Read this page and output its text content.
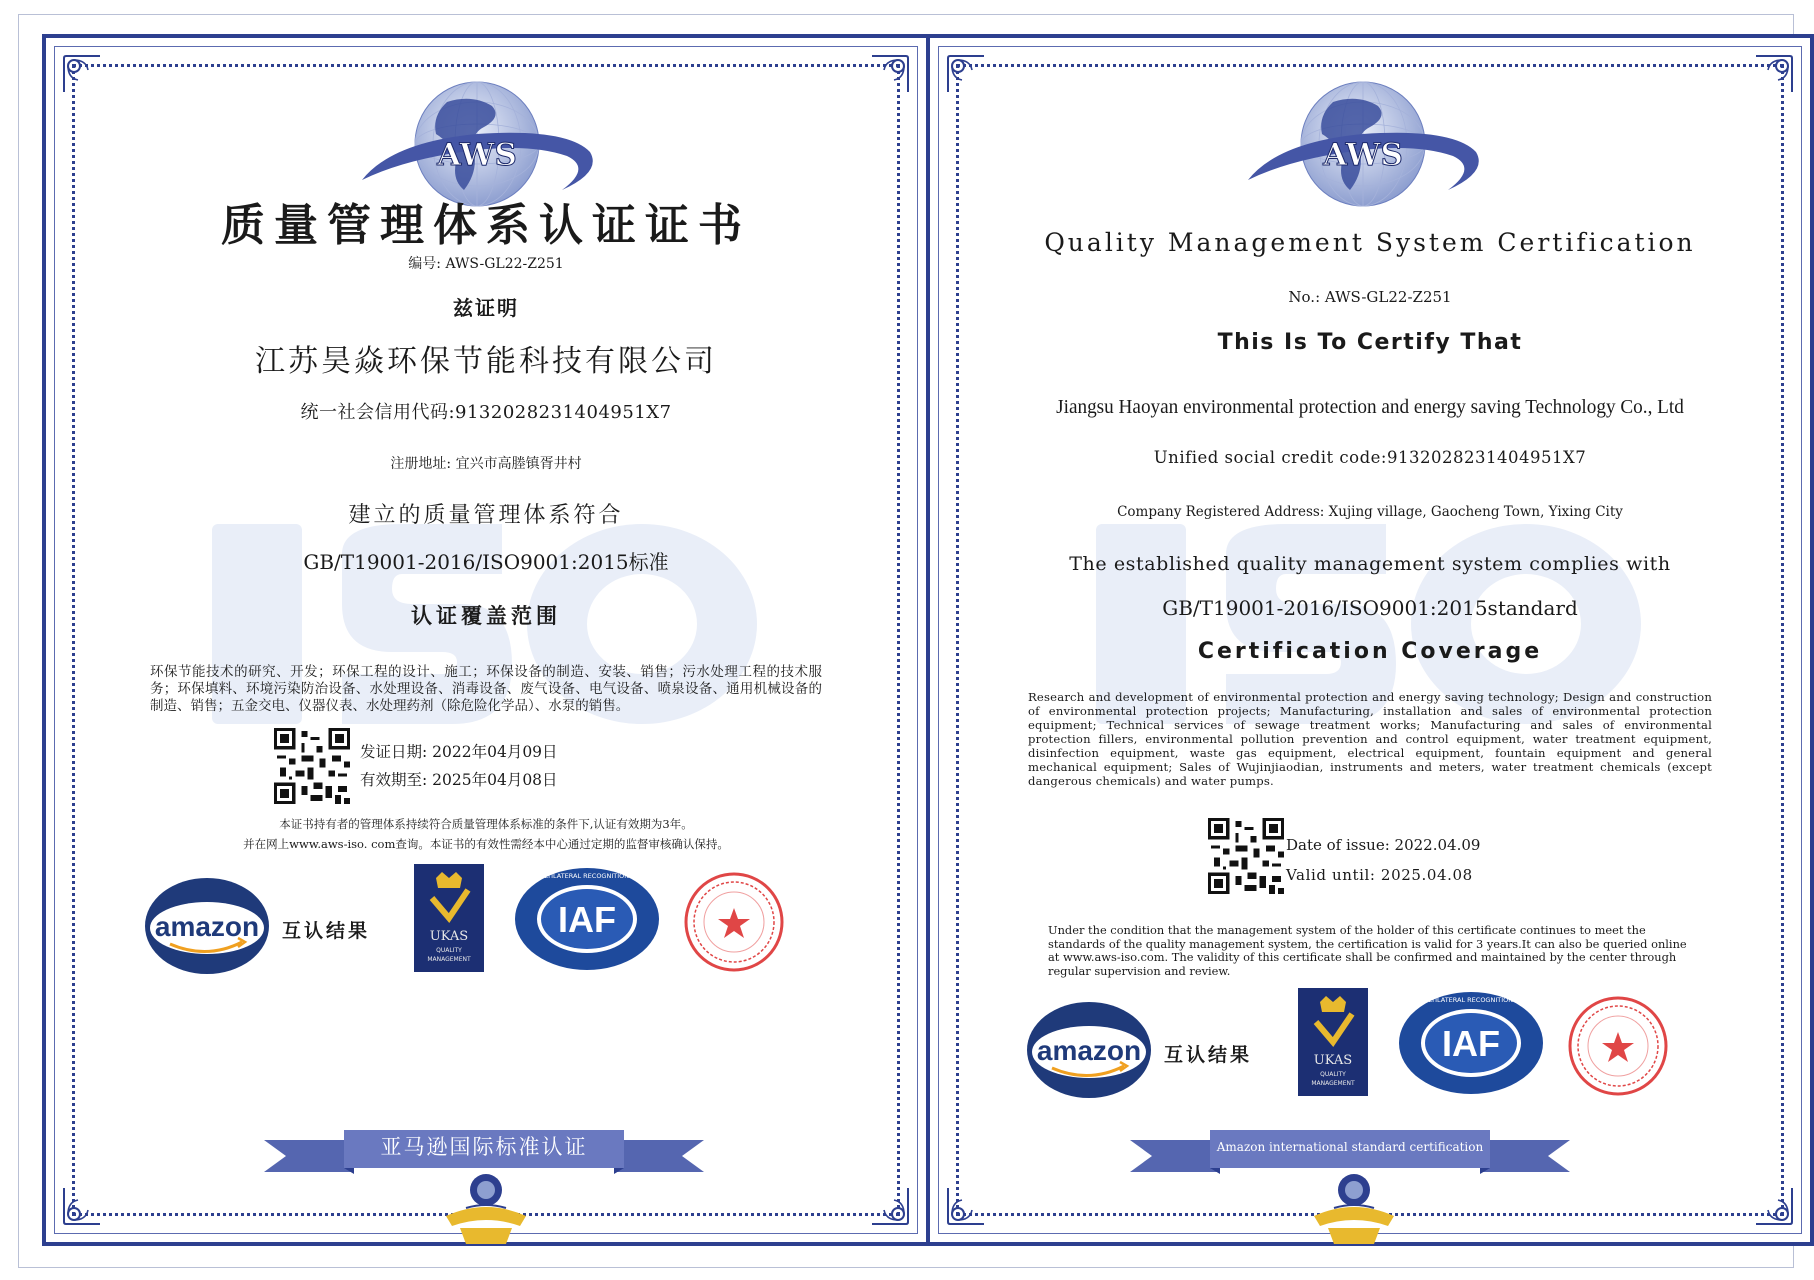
AWS
质量管理体系认证证书
编号: AWS-GL22-Z251
兹证明
江苏昊焱环保节能科技有限公司
统一社会信用代码:9132028231404951X7
注册地址: 宜兴市高塍镇胥井村
建立的质量管理体系符合
GB/T19001-2016/ISO9001:2015标准
认证覆盖范围
环保节能技术的研究、开发；环保工程的设计、施工；环保设备的制造、安装、销售；污水处理工程的技术服务；环保填料、环境污染防治设备、水处理设备、消毒设备、废气设备、电气设备、喷泉设备、通用机械设备的制造、销售；五金交电、仪器仪表、水处理药剂（除危险化学品）、水泵的销售。
发证日期: 2022年04月09日
有效期至: 2025年04月08日
本证书持有者的管理体系持续符合质量管理体系标准的条件下,认证有效期为3年。
并在网上www.aws-iso. com查询。本证书的有效性需经本中心通过定期的监督审核确认保持。
amazon 互认结果	UKAS
QUALITY
MANAGEMENT
IAF
MEMBER OF MULTILATERAL RECOGNITION ARRANGEMENT
亚马逊国际标准认证
AWS
Quality Management System Certification
No.: AWS-GL22-Z251
This Is To Certify That
Jiangsu Haoyan environmental protection and energy saving Technology Co., Ltd
Unified social credit code:9132028231404951X7
Company Registered Address: Xujing village, Gaocheng Town, Yixing City
The established quality management system complies with
GB/T19001-2016/ISO9001:2015standard
Certification Coverage
Research and development of environmental protection and energy saving technology; Design and construction of environmental protection projects; Manufacturing, installation and sales of environmental protection equipment; Technical services of sewage treatment works; Manufacturing and sales of environmental protection fillers, environmental pollution prevention and control equipment, water treatment equipment, disinfection equipment, waste gas equipment, electrical equipment, fountain equipment and general mechanical equipment; Sales of Wujinjiaodian, instruments and meters, water treatment chemicals (except dangerous chemicals) and water pumps.
Date of issue: 2022.04.09
Valid until: 2025.04.08
Under the condition that the management system of the holder of this certificate continues to meet the standards of the quality management system, the certification is valid for 3 years.It can also be queried online at www.aws-iso.com. The validity of this certificate shall be confirmed and maintained by the center through regular supervision and review.
amazon 互认结果	UKAS
QUALITY
MANAGEMENT
IAF
MEMBER OF MULTILATERAL RECOGNITION ARRANGEMENT
Amazon international standard certification
